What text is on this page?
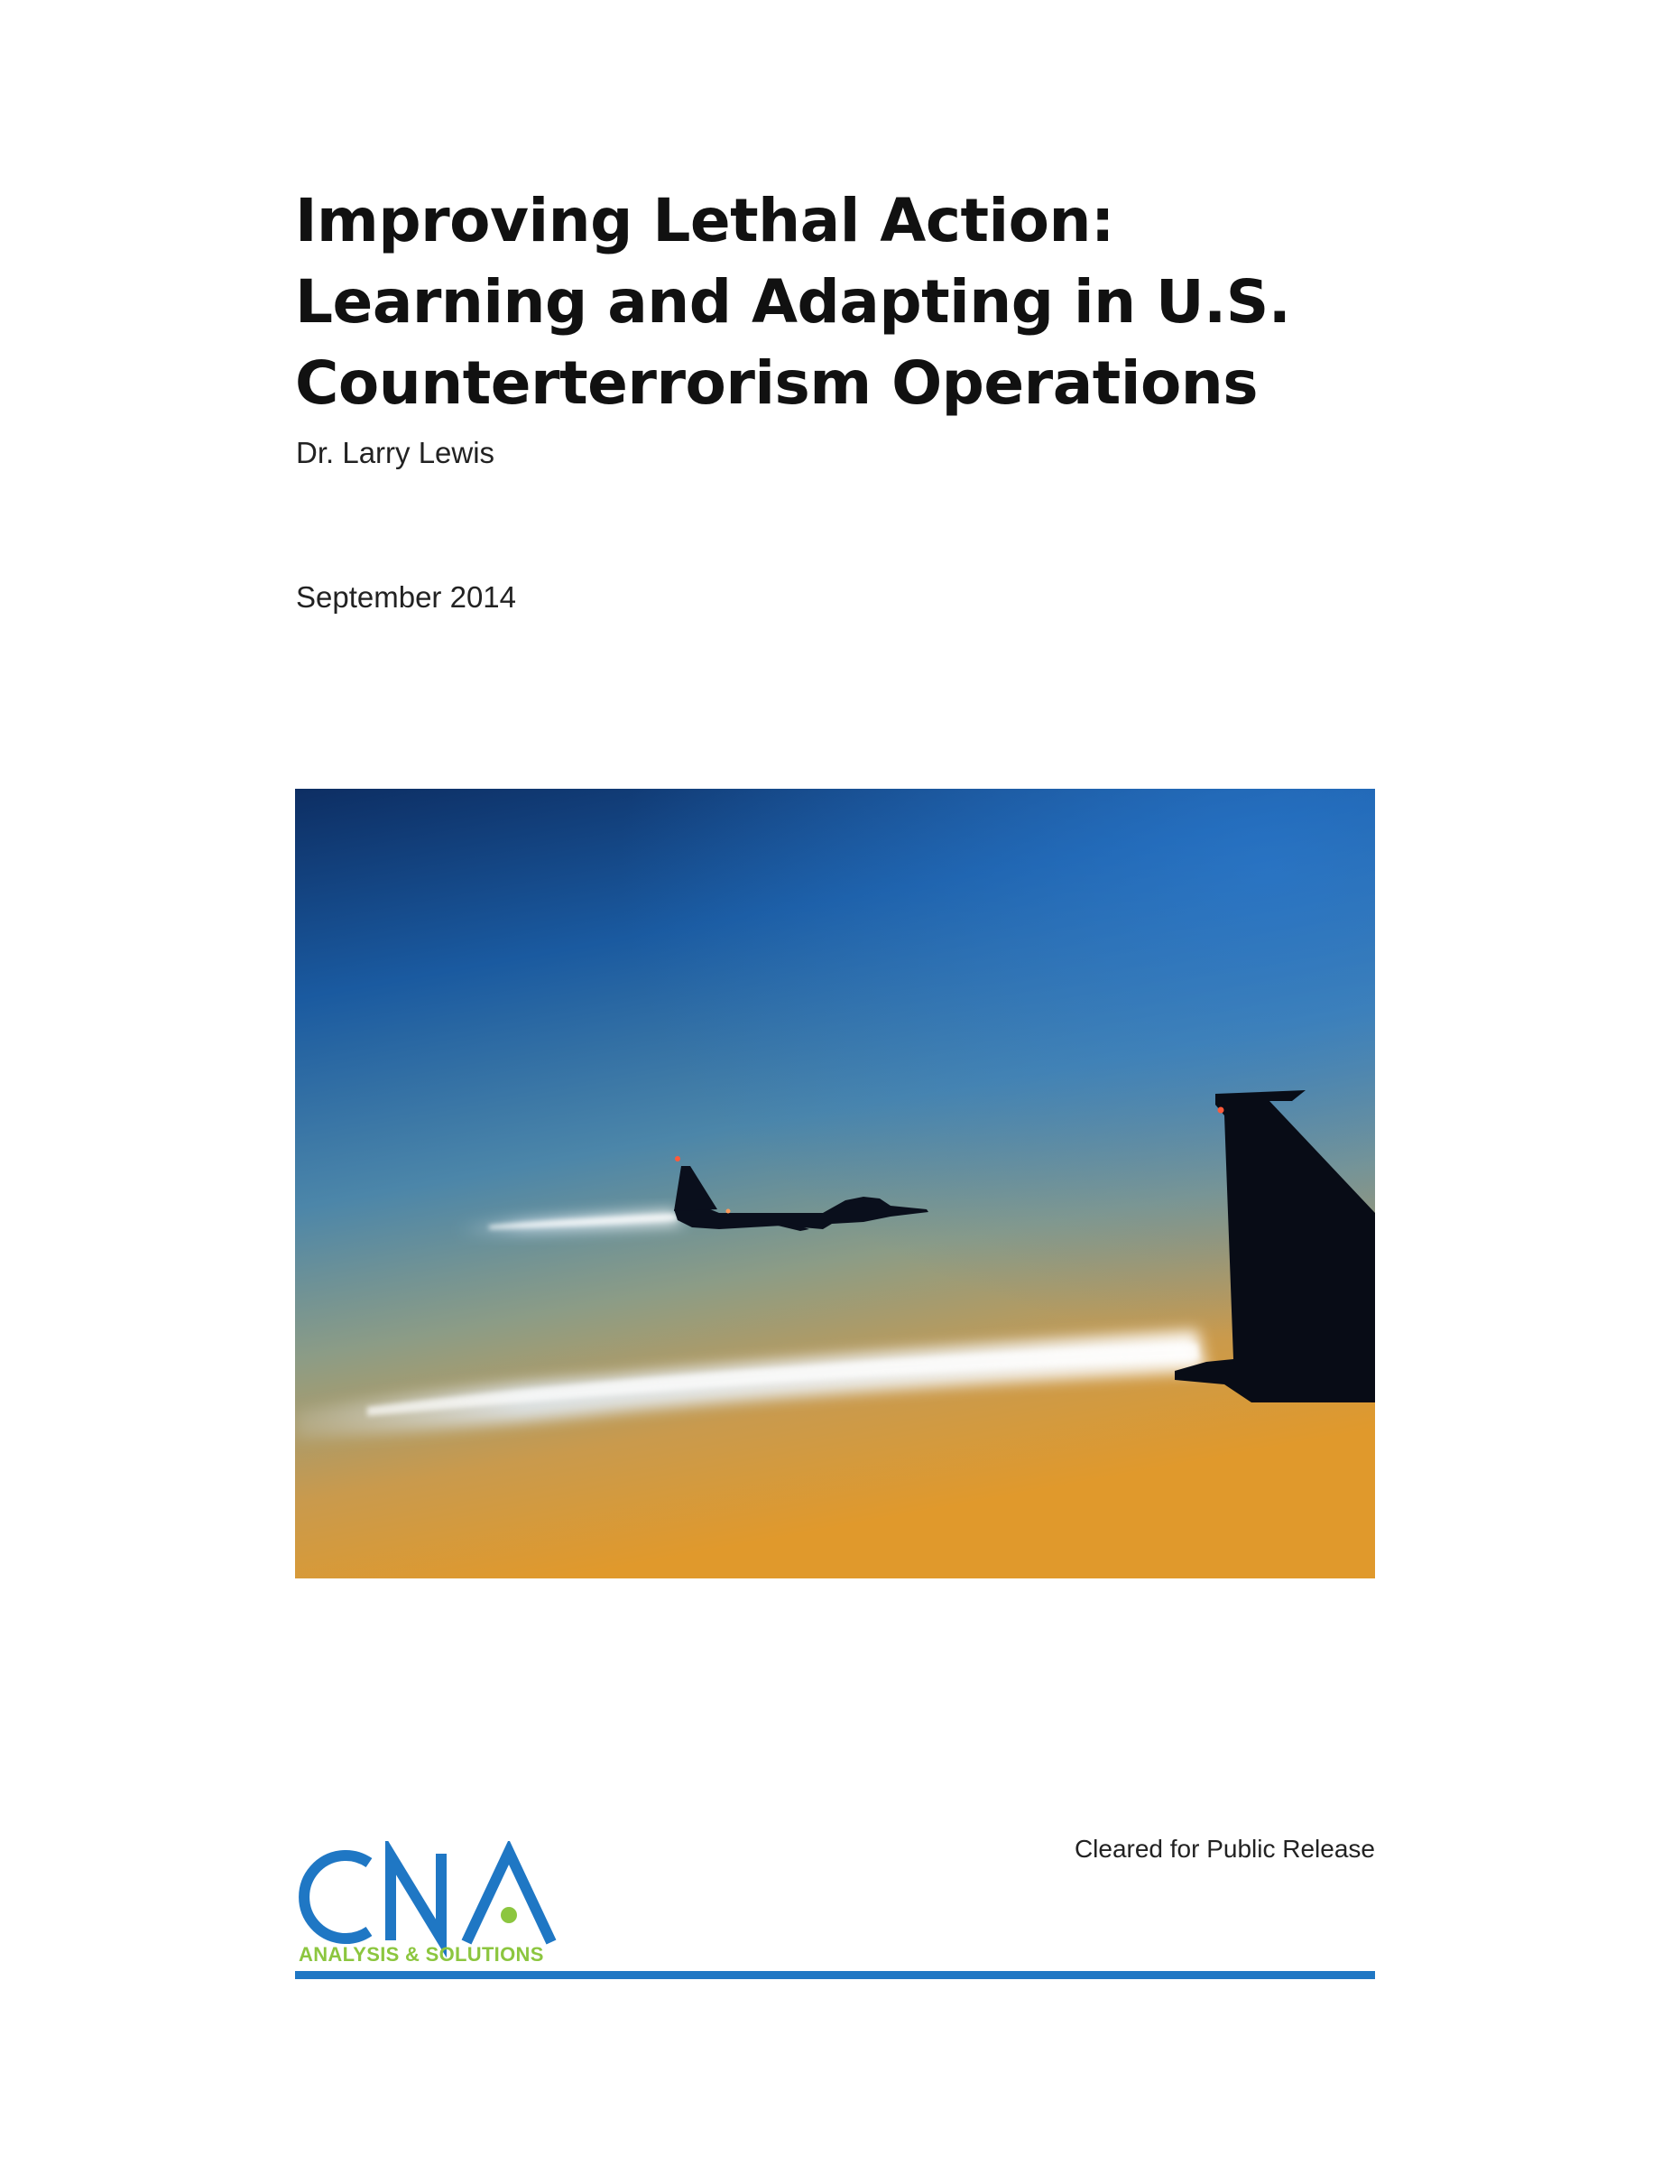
Improving Lethal Action:
Learning and Adapting in U.S.
Counterterrorism Operations
Dr. Larry Lewis
September 2014
Cleared for Public Release
ANALYSIS & SOLUTIONS
